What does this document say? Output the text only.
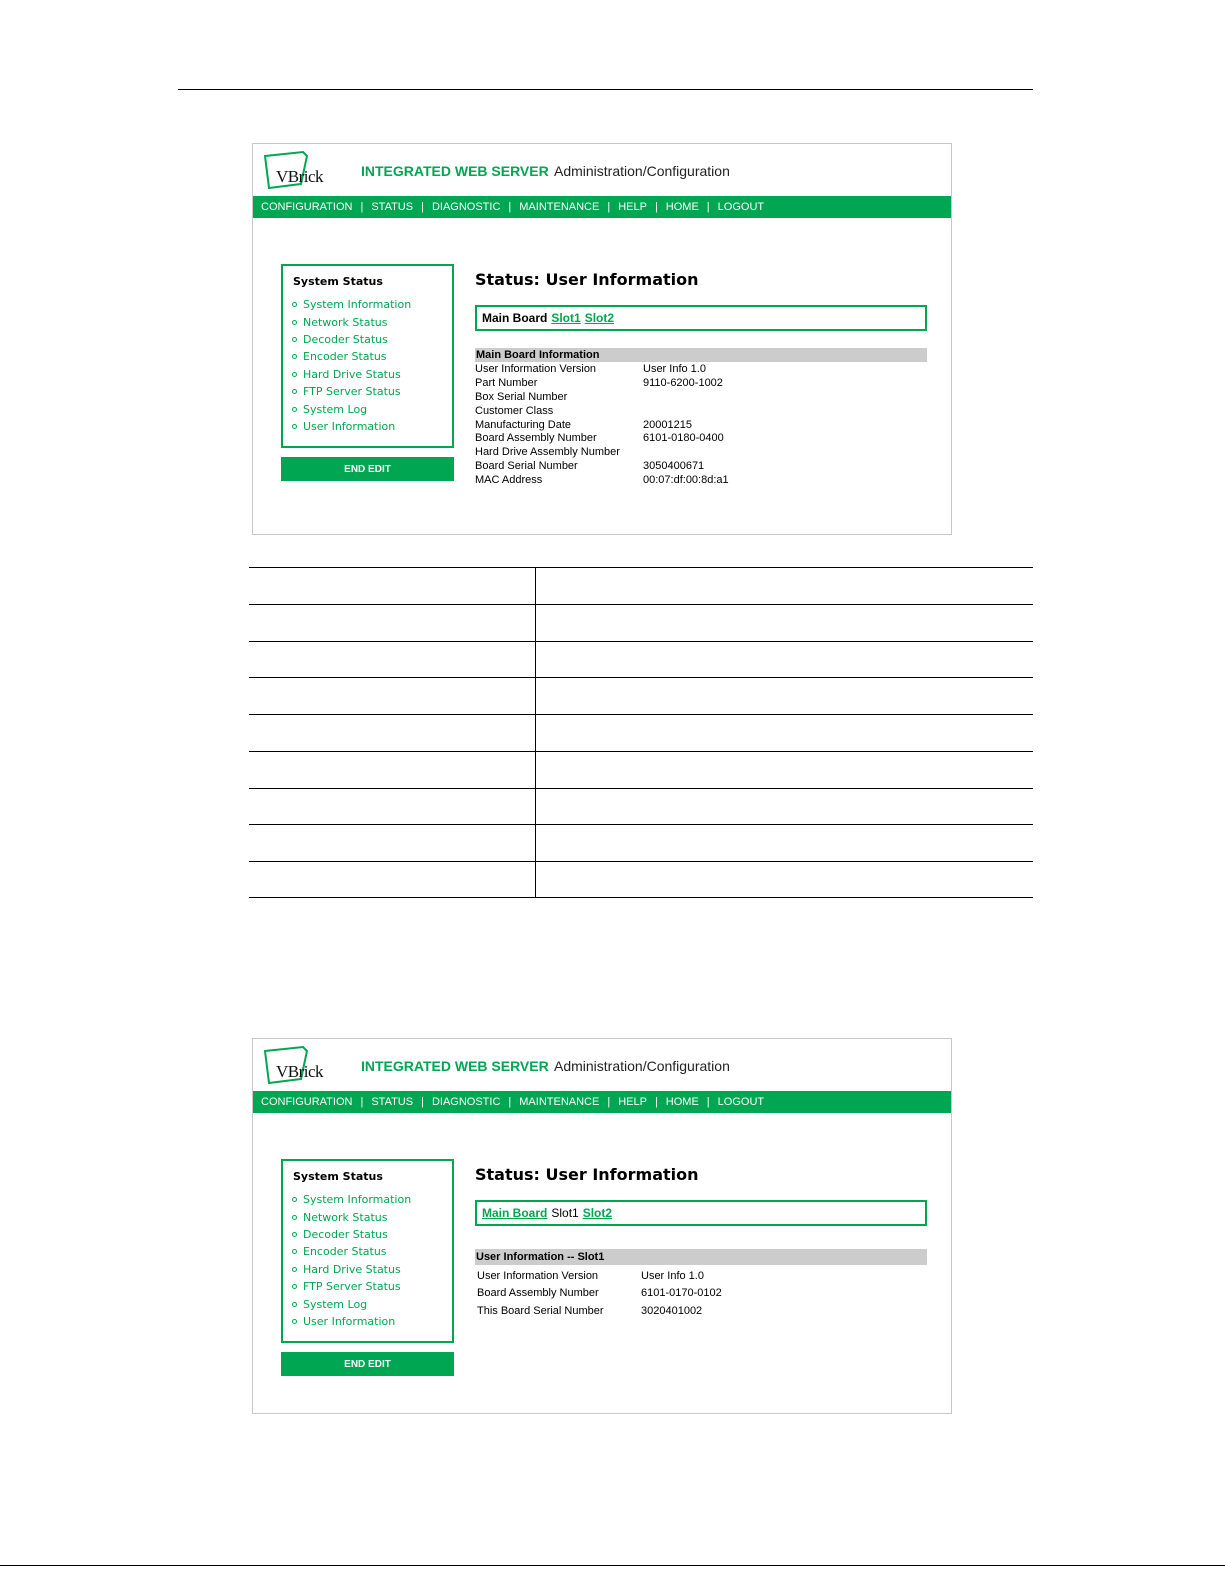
VBrick	INTEGRATED WEB SERVER Administration/Configuration
CONFIGURATION | STATUS | DIAGNOSTIC | MAINTENANCE | HELP | HOME | LOGOUT
System Status
System Information
Network Status
Decoder Status
Encoder Status
Hard Drive Status
FTP Server Status
System Log
User Information
END EDIT
Status: User Information
Main Board Slot1 Slot2
Main Board Information
User Information Version	User Info 1.0
Part Number	9110-6200-1002
Box Serial Number
Customer Class
Manufacturing Date	20001215
Board Assembly Number	6101-0180-0400
Hard Drive Assembly Number
Board Serial Number	3050400671
MAC Address	00:07:df:00:8d:a1
VBrick	INTEGRATED WEB SERVER Administration/Configuration
CONFIGURATION | STATUS | DIAGNOSTIC | MAINTENANCE | HELP | HOME | LOGOUT
System Status
System Information
Network Status
Decoder Status
Encoder Status
Hard Drive Status
FTP Server Status
System Log
User Information
END EDIT
Status: User Information
Main Board Slot1 Slot2
User Information -- Slot1
User Information Version	User Info 1.0
Board Assembly Number	6101-0170-0102
This Board Serial Number	3020401002
